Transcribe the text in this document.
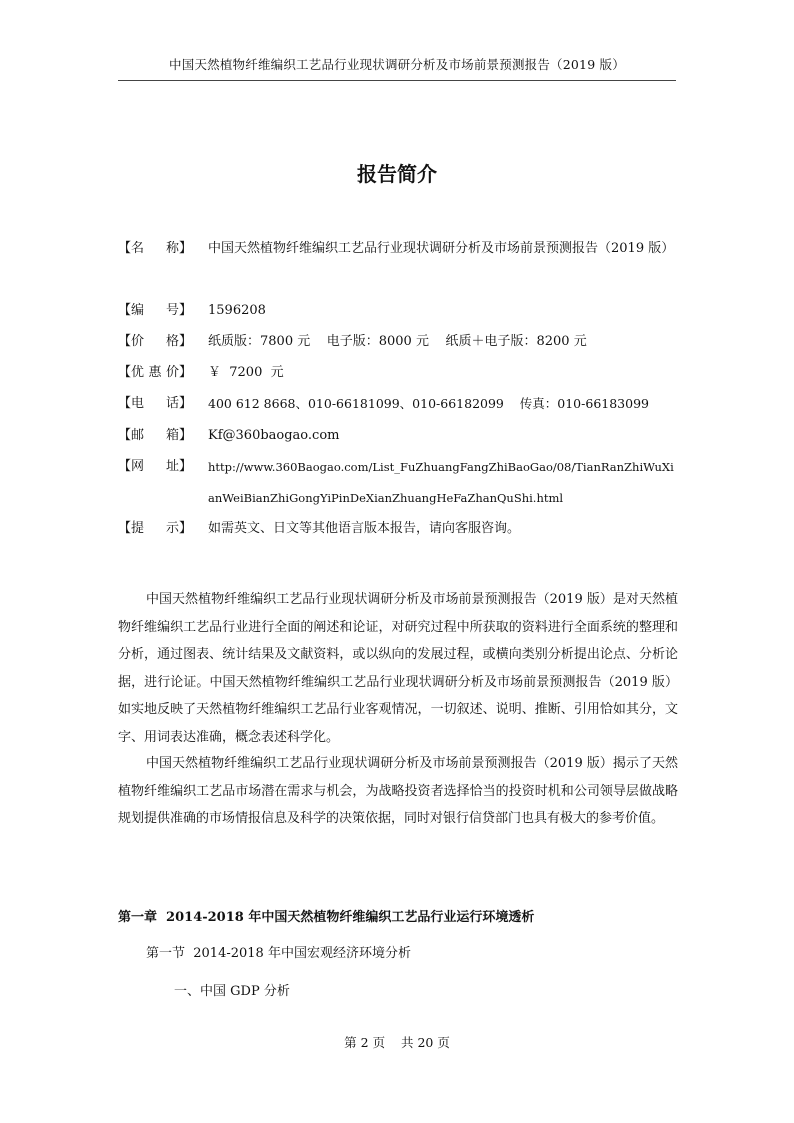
中国天然植物纤维编织工艺品行业现状调研分析及市场前景预测报告（2019 版）
报告简介
【名 称】	中国天然植物纤维编织工艺品行业现状调研分析及市场前景预测报告（2019 版）
【编 号】	1596208
【价 格】	纸质版：7800 元    电子版：8000 元    纸质＋电子版：8200 元
【优惠价】	￥  7200  元
【电 话】	400 612 8668、010-66181099、010-66182099    传真：010-66183099
【邮 箱】	Kf@360baogao.com
【网 址】	http://www.360Baogao.com/List_FuZhuangFangZhiBaoGao/08/TianRanZhiWuXianWeiBianZhiGongYiPinDeXianZhuangHeFaZhanQuShi.html
【提 示】	如需英文、日文等其他语言版本报告，请向客服咨询。
中国天然植物纤维编织工艺品行业现状调研分析及市场前景预测报告（2019 版）是对天然植物纤维编织工艺品行业进行全面的阐述和论证，对研究过程中所获取的资料进行全面系统的整理和分析，通过图表、统计结果及文献资料，或以纵向的发展过程，或横向类别分析提出论点、分析论据，进行论证。中国天然植物纤维编织工艺品行业现状调研分析及市场前景预测报告（2019 版）如实地反映了天然植物纤维编织工艺品行业客观情况，一切叙述、说明、推断、引用恰如其分，文字、用词表达准确，概念表述科学化。
中国天然植物纤维编织工艺品行业现状调研分析及市场前景预测报告（2019 版）揭示了天然植物纤维编织工艺品市场潜在需求与机会，为战略投资者选择恰当的投资时机和公司领导层做战略规划提供准确的市场情报信息及科学的决策依据，同时对银行信贷部门也具有极大的参考价值。
第一章  2014-2018 年中国天然植物纤维编织工艺品行业运行环境透析
第一节  2014-2018 年中国宏观经济环境分析
一、中国 GDP 分析
第 2 页    共 20 页
